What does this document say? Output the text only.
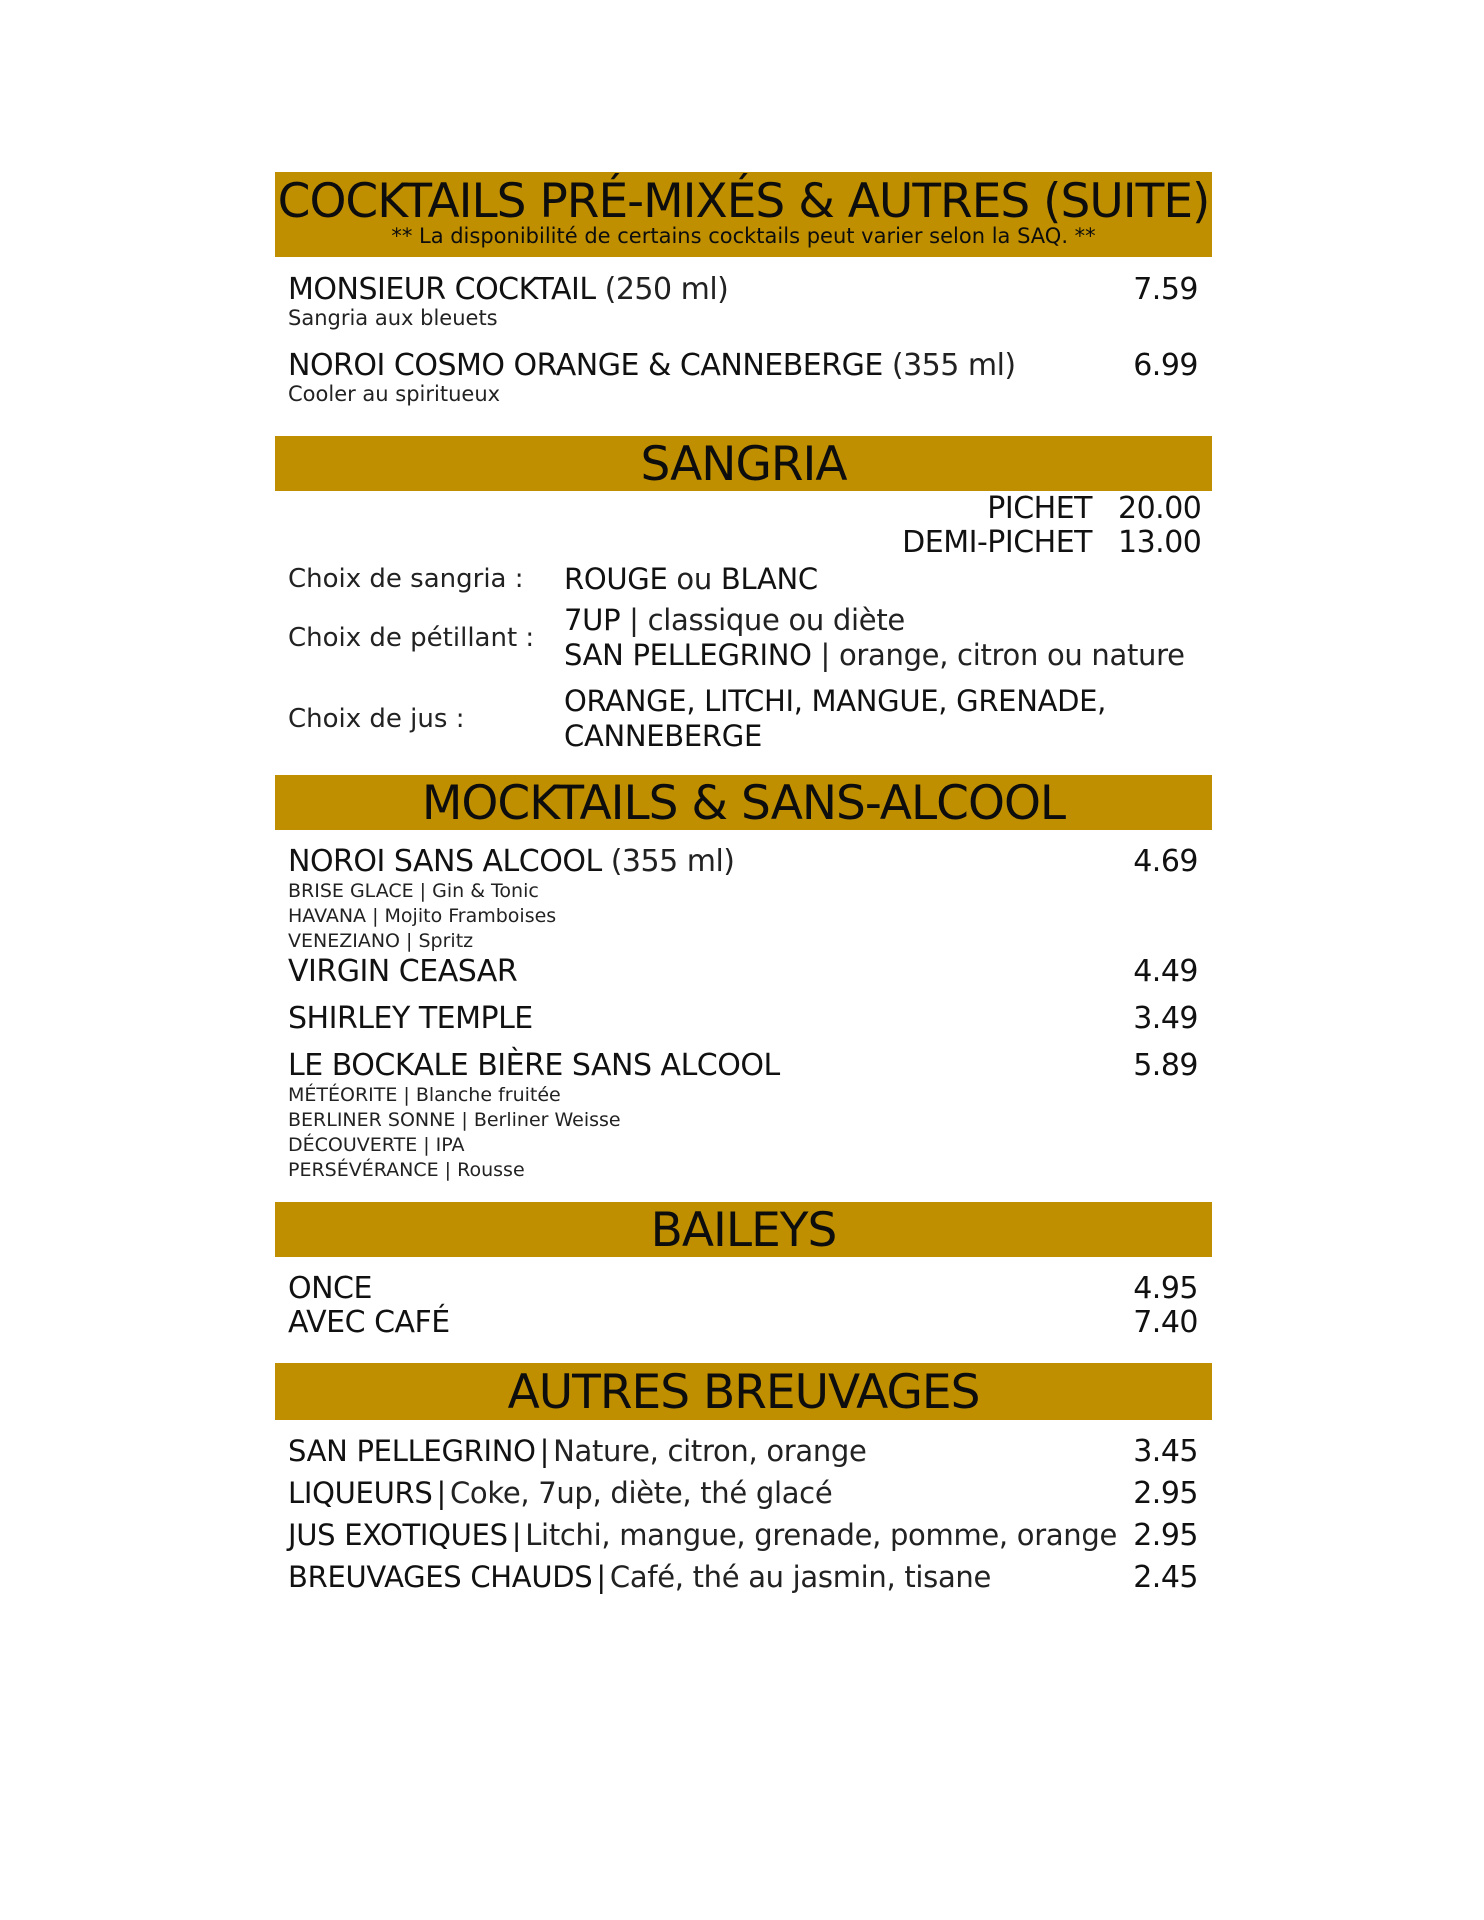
COCKTAILS PRÉ-MIXÉS & AUTRES (SUITE)
** La disponibilité de certains cocktails peut varier selon la SAQ. **
MONSIEUR COCKTAIL (250 ml)
Sangria aux bleuets
7.59
NOROI COSMO ORANGE & CANNEBERGE (355 ml)
Cooler au spiritueux
6.99
SANGRIA
PICHET 20.00
DEMI-PICHET 13.00
Choix de sangria :	ROUGE ou BLANC
Choix de pétillant :
7UP | classique ou diète
SAN PELLEGRINO | orange, citron ou nature
Choix de jus :
ORANGE, LITCHI, MANGUE, GRENADE,
CANNEBERGE
MOCKTAILS & SANS-ALCOOL
NOROI SANS ALCOOL (355 ml)
BRISE GLACE | Gin & Tonic
HAVANA | Mojito Framboises
VENEZIANO | Spritz
4.69
VIRGIN CEASAR	4.49
SHIRLEY TEMPLE	3.49
LE BOCKALE BIÈRE SANS ALCOOL
MÉTÉORITE | Blanche fruitée
BERLINER SONNE | Berliner Weisse
DÉCOUVERTE | IPA
PERSÉVÉRANCE | Rousse
5.89
BAILEYS
ONCE	4.95
AVEC CAFÉ	7.40
AUTRES BREUVAGES
SAN PELLEGRINO | Nature, citron, orange	3.45
LIQUEURS | Coke, 7up, diète, thé glacé	2.95
JUS EXOTIQUES | Litchi, mangue, grenade, pomme, orange 2.95
BREUVAGES CHAUDS | Café, thé au jasmin, tisane	2.45
